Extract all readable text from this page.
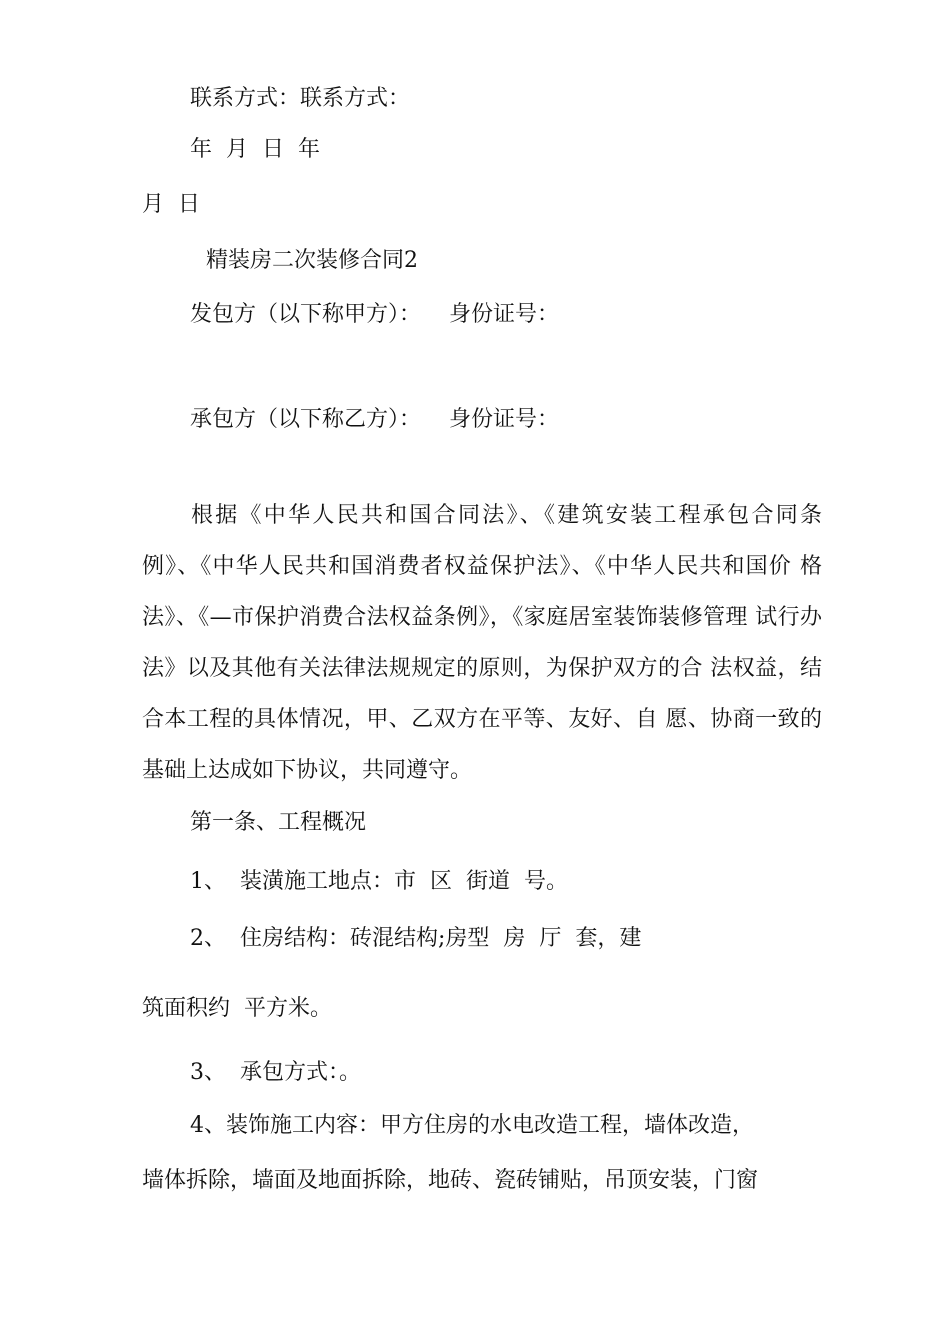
联系方式：联系方式：
年  月  日  年
月  日
精装房二次装修合同2
发包方（以下称甲方）：    身份证号：
承包方（以下称乙方）：    身份证号：
根据《中华人民共和国合同法》、《建筑安装工程承包合同条 例》、《中华人民共和国消费者权益保护法》、《中华人民共和国价 格法》、《—市保护消费合法权益条例》，《家庭居室装饰装修管理 试行办法》以及其他有关法律法规规定的原则，为保护双方的合 法权益，结合本工程的具体情况，甲、乙双方在平等、友好、自 愿、协商一致的基础上达成如下协议，共同遵守。
第一条、工程概况
1、  装潢施工地点：市  区  街道  号。
2、  住房结构：砖混结构;房型  房  厅  套，建
筑面积约  平方米。
3、  承包方式：。
4、装饰施工内容：甲方住房的水电改造工程，墙体改造，
墙体拆除，墙面及地面拆除，地砖、瓷砖铺贴，吊顶安装，门窗
